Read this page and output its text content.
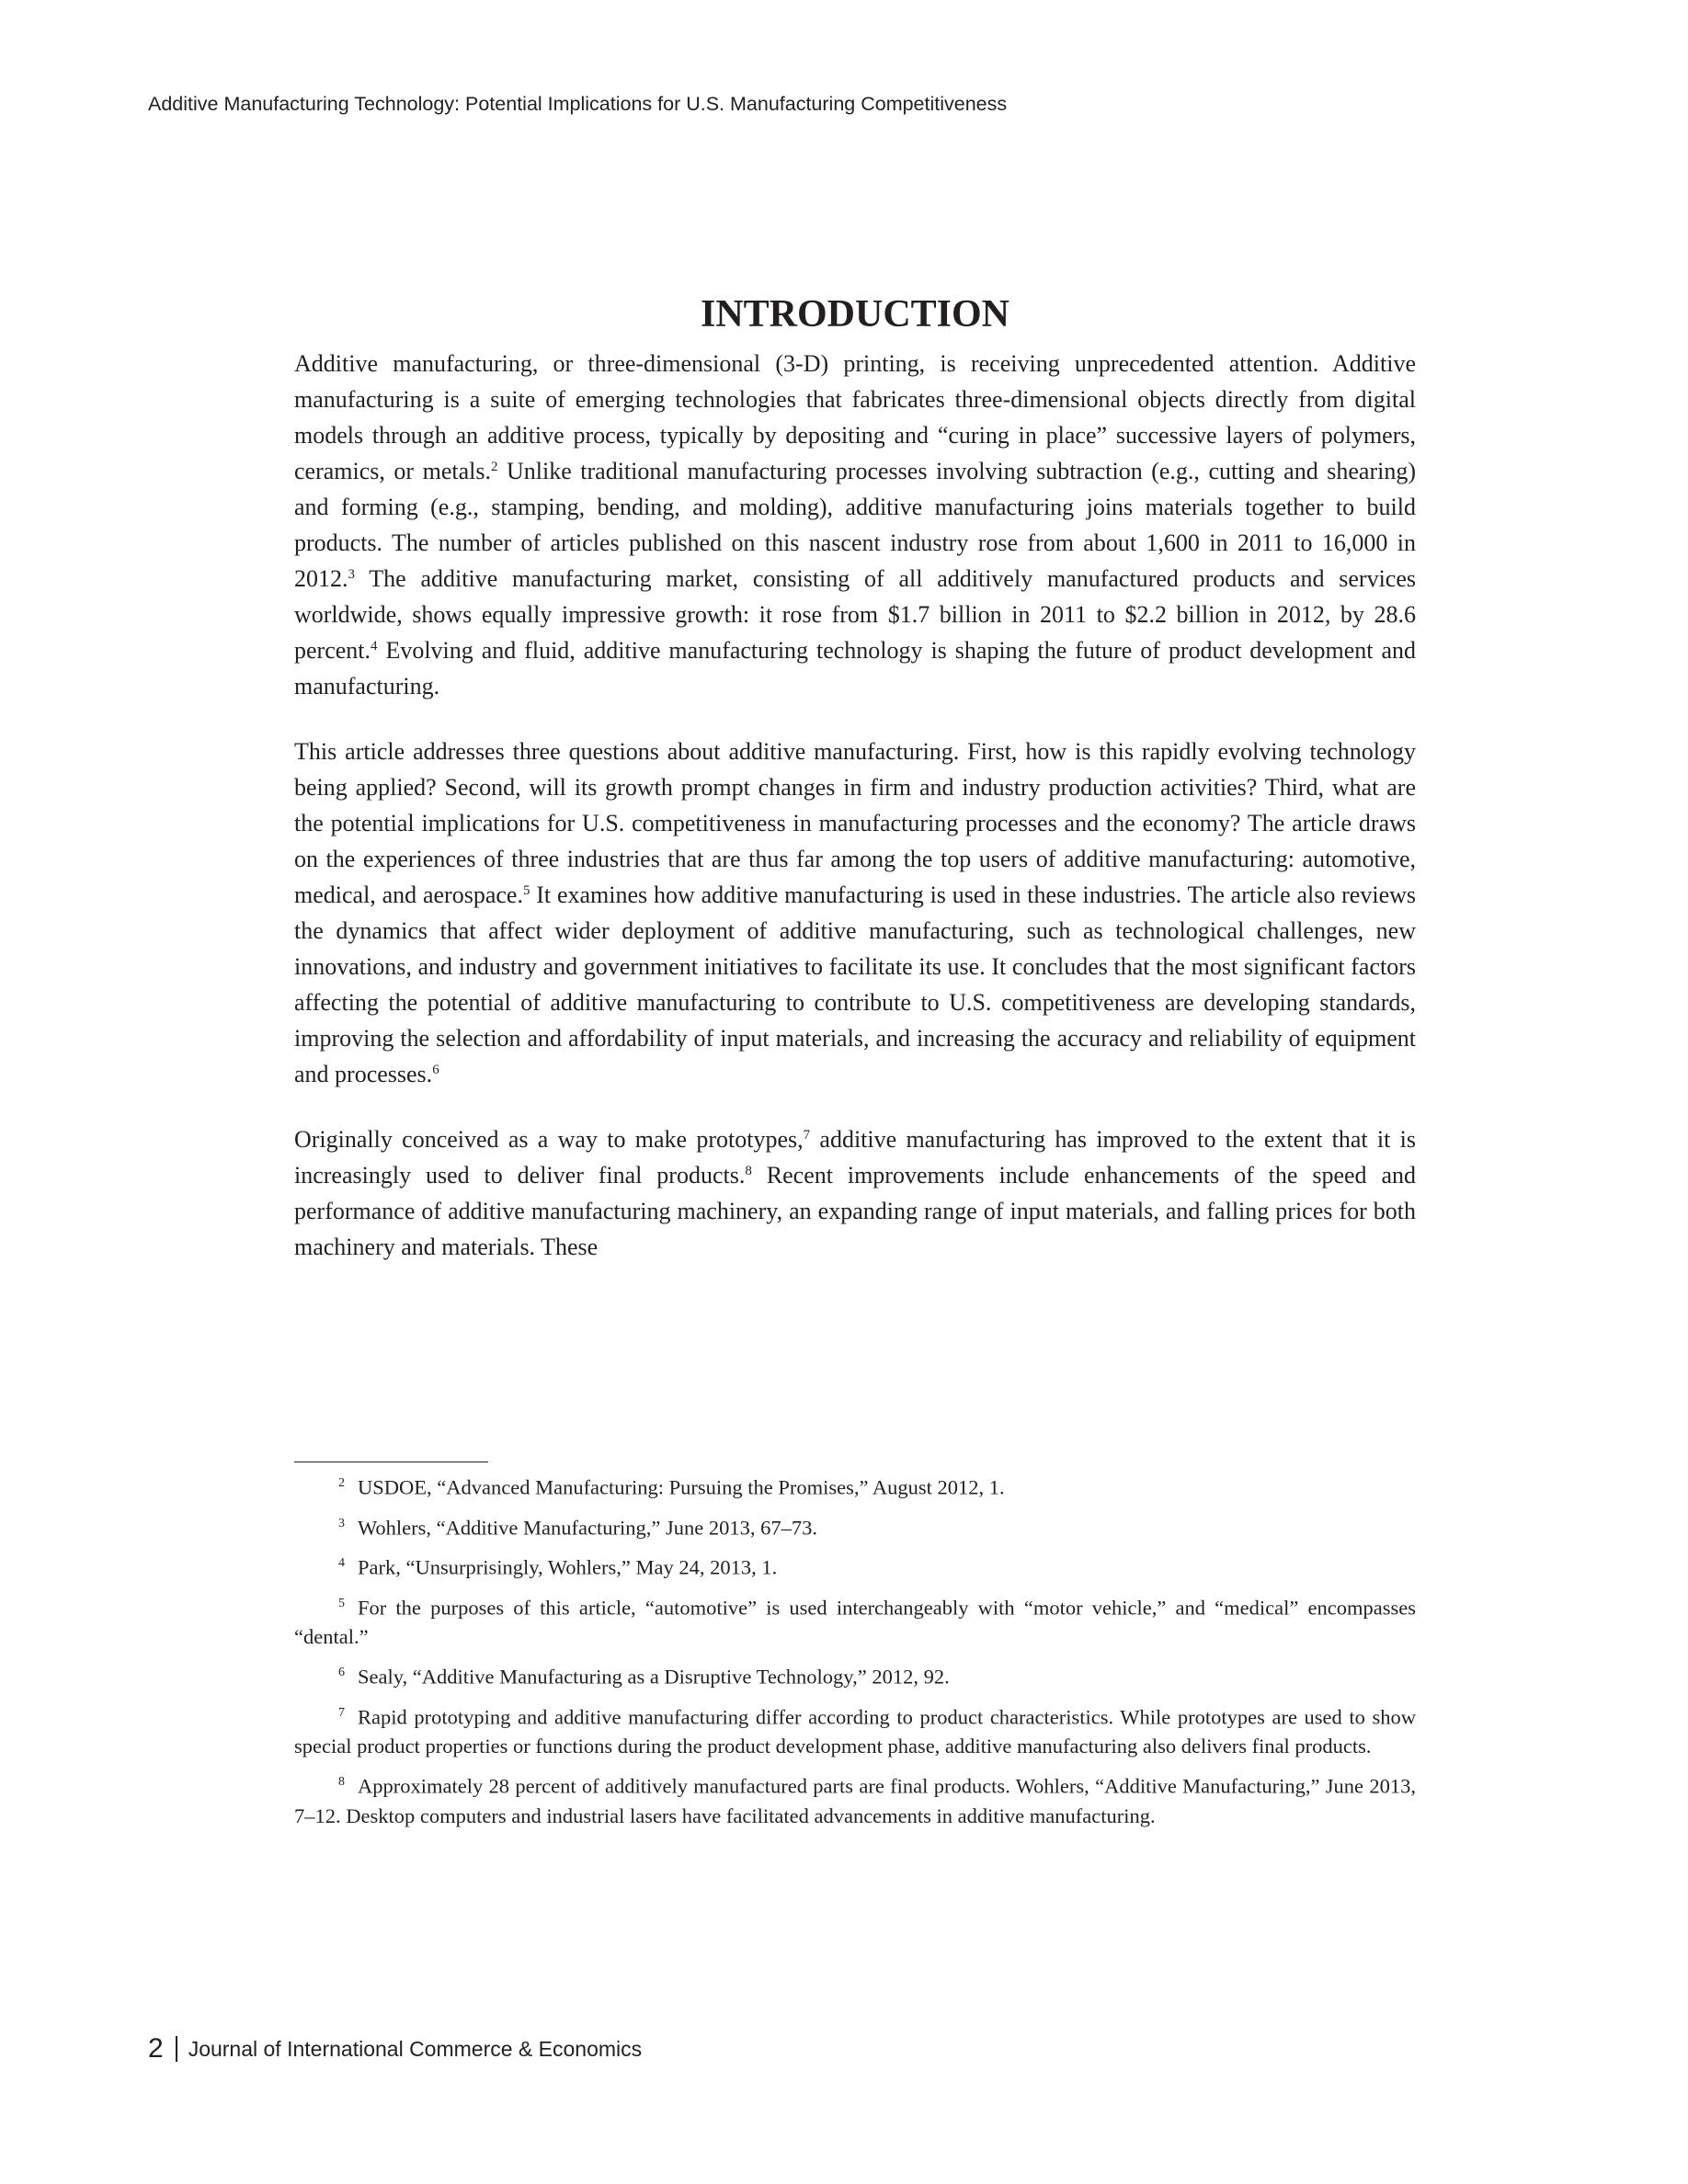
Additive Manufacturing Technology: Potential Implications for U.S. Manufacturing Competitiveness
INTRODUCTION

Additive manufacturing, or three-dimensional (3-D) printing, is receiving unprecedented attention. Additive manufacturing is a suite of emerging technologies that fabricates three-dimensional objects directly from digital models through an additive process, typically by depositing and “curing in place” successive layers of polymers, ceramics, or metals.$^2$ Unlike traditional manufacturing processes involving subtraction (e.g., cutting and shearing) and forming (e.g., stamping, bending, and molding), additive manufacturing joins materials together to build products. The number of articles published on this nascent industry rose from about 1,600 in 2011 to 16,000 in 2012.$^3$ The additive manufacturing market, consisting of all additively manufactured products and services worldwide, shows equally impressive growth: it rose from $1.7 billion in 2011 to $2.2 billion in 2012, by 28.6 percent.$^4$ Evolving and fluid, additive manufacturing technology is shaping the future of product development and manufacturing.

This article addresses three questions about additive manufacturing. First, how is this rapidly evolving technology being applied? Second, will its growth prompt changes in firm and industry production activities? Third, what are the potential implications for U.S. competitiveness in manufacturing processes and the economy? The article draws on the experiences of three industries that are thus far among the top users of additive manufacturing: automotive, medical, and aerospace.$^5$ It examines how additive manufacturing is used in these industries. The article also reviews the dynamics that affect wider deployment of additive manufacturing, such as technological challenges, new innovations, and industry and government initiatives to facilitate its use. It concludes that the most significant factors affecting the potential of additive manufacturing to contribute to U.S. competitiveness are developing standards, improving the selection and affordability of input materials, and increasing the accuracy and reliability of equipment and processes.$^6$

Originally conceived as a way to make prototypes,$^7$ additive manufacturing has improved to the extent that it is increasingly used to deliver final products.$^8$ Recent improvements include enhancements of the speed and performance of additive manufacturing machinery, an expanding range of input materials, and falling prices for both machinery and materials. These

$^2$ USDOE, “Advanced Manufacturing: Pursuing the Promises,” August 2012, 1.

$^3$ Wohlers, “Additive Manufacturing,” June 2013, 67–73.

$^4$ Park, “Unsurprisingly, Wohlers,” May 24, 2013, 1.

$^5$ For the purposes of this article, “automotive” is used interchangeably with “motor vehicle,” and “medical” encompasses “dental.”

$^6$ Sealy, “Additive Manufacturing as a Disruptive Technology,” 2012, 92.

$^7$ Rapid prototyping and additive manufacturing differ according to product characteristics. While prototypes are used to show special product properties or functions during the product development phase, additive manufacturing also delivers final products.

$^8$ Approximately 28 percent of additively manufactured parts are final products. Wohlers, “Additive Manufacturing,” June 2013, 7–12. Desktop computers and industrial lasers have facilitated advancements in additive manufacturing.

2 Journal of International Commerce & Economics
